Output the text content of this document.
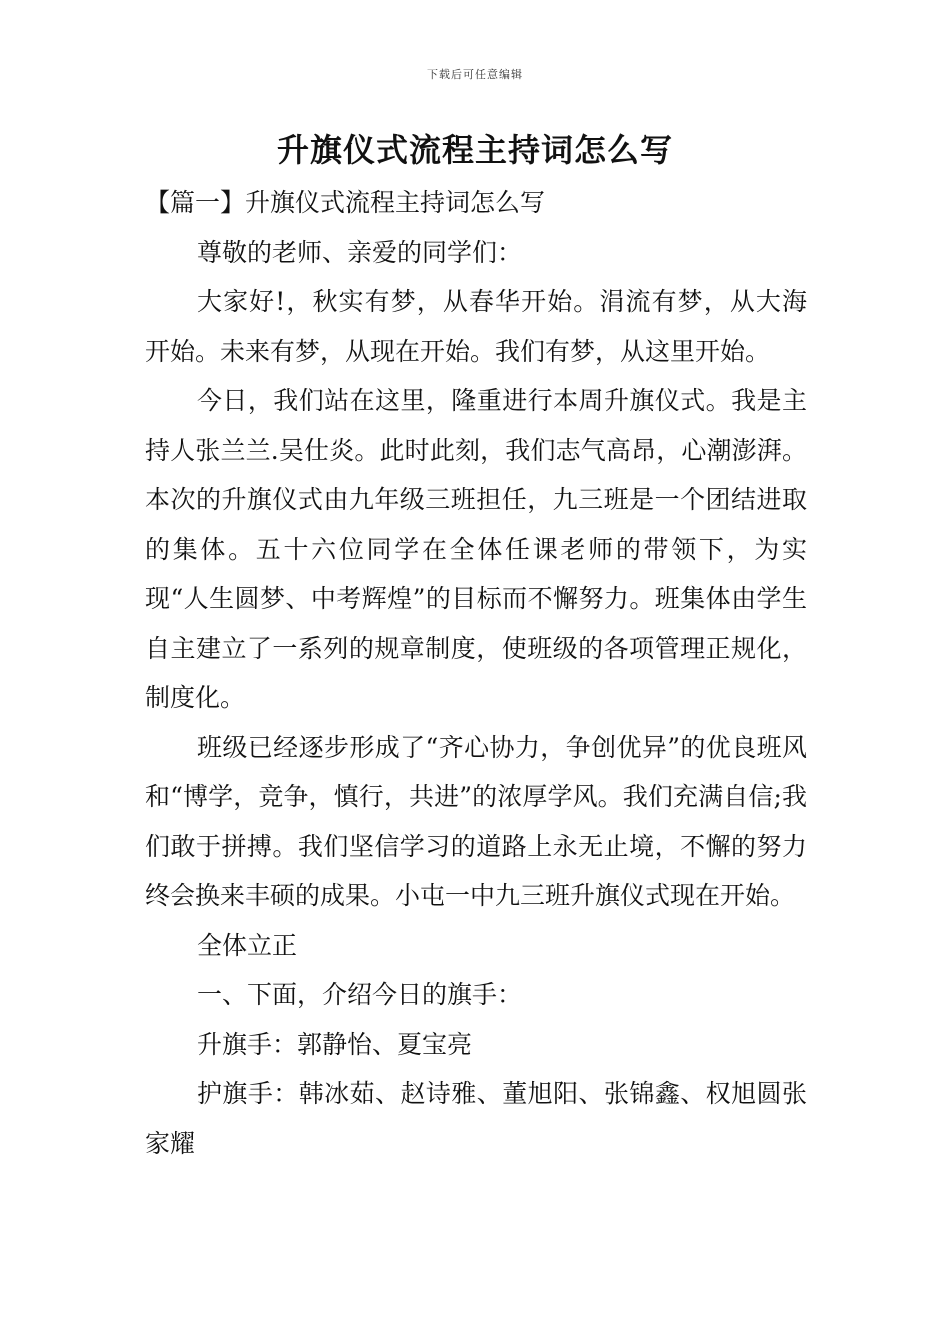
下载后可任意编辑
升旗仪式流程主持词怎么写

【篇一】升旗仪式流程主持词怎么写

尊敬的老师、亲爱的同学们：

大家好!，秋实有梦，从春华开始。涓流有梦，从大海开始。未来有梦，从现在开始。我们有梦，从这里开始。

今日，我们站在这里，隆重进行本周升旗仪式。我是主持人张兰兰.吴仕炎。此时此刻，我们志气高昂，心潮澎湃。本次的升旗仪式由九年级三班担任，九三班是一个团结进取的集体。五十六位同学在全体任课老师的带领下，为实现“人生圆梦、中考辉煌”的目标而不懈努力。班集体由学生自主建立了一系列的规章制度，使班级的各项管理正规化，制度化。

班级已经逐步形成了“齐心协力，争创优异”的优良班风和“博学，竞争，慎行，共进”的浓厚学风。我们充满自信;我们敢于拼搏。我们坚信学习的道路上永无止境，不懈的努力终会换来丰硕的成果。小屯一中九三班升旗仪式现在开始。

全体立正

一、下面，介绍今日的旗手：

升旗手：郭静怡、夏宝亮

护旗手：韩冰茹、赵诗雅、董旭阳、张锦鑫、权旭圆张家耀
